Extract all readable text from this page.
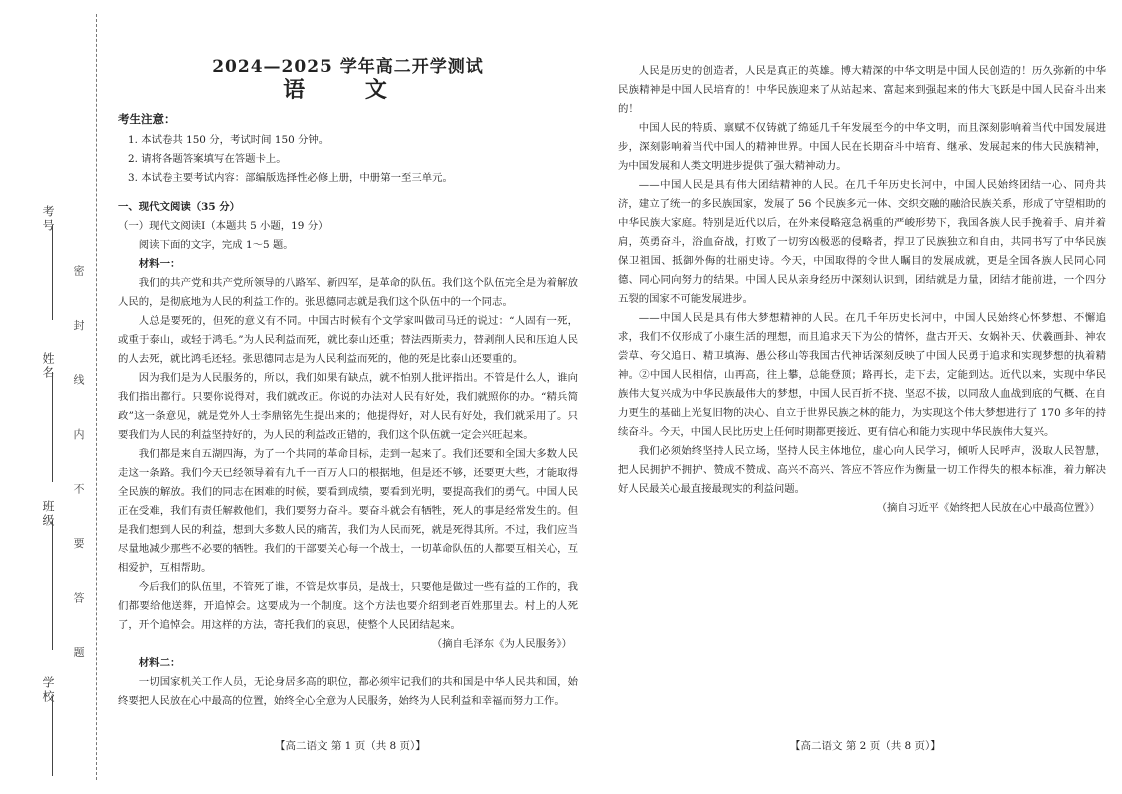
考号
姓名
班级
学校
密 封 线 内 不 要 答 题
2024—2025 学年高二开学测试
语 文
考生注意：
1. 本试卷共 150 分，考试时间 150 分钟。
2. 请将各题答案填写在答题卡上。
3. 本试卷主要考试内容：部编版选择性必修上册，中册第一至三单元。
一、现代文阅读（35 分）
（一）现代文阅读Ⅰ（本题共 5 小题，19 分）
阅读下面的文字，完成 1～5 题。
材料一：

我们的共产党和共产党所领导的八路军、新四军，是革命的队伍。我们这个队伍完全是为着解放人民的，是彻底地为人民的利益工作的。张思德同志就是我们这个队伍中的一个同志。

人总是要死的，但死的意义有不同。中国古时候有个文学家叫做司马迁的说过：“人固有一死，或重于泰山，或轻于鸿毛。”为人民利益而死，就比泰山还重；替法西斯卖力，替剥削人民和压迫人民的人去死，就比鸿毛还轻。张思德同志是为人民利益而死的，他的死是比泰山还要重的。

因为我们是为人民服务的，所以，我们如果有缺点，就不怕别人批评指出。不管是什么人，谁向我们指出都行。只要你说得对，我们就改正。你说的办法对人民有好处，我们就照你的办。“精兵简政”这一条意见，就是党外人士李鼎铭先生提出来的；他提得好，对人民有好处，我们就采用了。只要我们为人民的利益坚持好的，为人民的利益改正错的，我们这个队伍就一定会兴旺起来。

我们都是来自五湖四海，为了一个共同的革命目标，走到一起来了。我们还要和全国大多数人民走这一条路。我们今天已经领导着有九千一百万人口的根据地，但是还不够，还要更大些，才能取得全民族的解放。我们的同志在困难的时候，要看到成绩，要看到光明，要提高我们的勇气。中国人民正在受难，我们有责任解救他们，我们要努力奋斗。要奋斗就会有牺牲，死人的事是经常发生的。但是我们想到人民的利益，想到大多数人民的痛苦，我们为人民而死，就是死得其所。不过，我们应当尽量地减少那些不必要的牺牲。我们的干部要关心每一个战士，一切革命队伍的人都要互相关心，互相爱护，互相帮助。

今后我们的队伍里，不管死了谁，不管是炊事员，是战士，只要他是做过一些有益的工作的，我们都要给他送葬，开追悼会。这要成为一个制度。这个方法也要介绍到老百姓那里去。村上的人死了，开个追悼会。用这样的方法，寄托我们的哀思，使整个人民团结起来。

（摘自毛泽东《为人民服务》）
材料二：

一切国家机关工作人员，无论身居多高的职位，都必须牢记我们的共和国是中华人民共和国，始终要把人民放在心中最高的位置，始终全心全意为人民服务，始终为人民利益和幸福而努力工作。

【高二语文 第 1 页（共 8 页）】

人民是历史的创造者，人民是真正的英雄。博大精深的中华文明是中国人民创造的！历久弥新的中华民族精神是中国人民培育的！中华民族迎来了从站起来、富起来到强起来的伟大飞跃是中国人民奋斗出来的！

中国人民的特质、禀赋不仅铸就了绵延几千年发展至今的中华文明，而且深刻影响着当代中国发展进步，深刻影响着当代中国人的精神世界。中国人民在长期奋斗中培育、继承、发展起来的伟大民族精神，为中国发展和人类文明进步提供了强大精神动力。

——中国人民是具有伟大团结精神的人民。在几千年历史长河中，中国人民始终团结一心、同舟共济，建立了统一的多民族国家，发展了 56 个民族多元一体、交织交融的融洽民族关系，形成了守望相助的中华民族大家庭。特别是近代以后，在外来侵略寇急祸重的严峻形势下，我国各族人民手挽着手、肩并着肩，英勇奋斗，浴血奋战，打败了一切穷凶极恶的侵略者，捍卫了民族独立和自由，共同书写了中华民族保卫祖国、抵御外侮的壮丽史诗。今天，中国取得的令世人瞩目的发展成就，更是全国各族人民同心同德、同心同向努力的结果。中国人民从亲身经历中深刻认识到，团结就是力量，团结才能前进，一个四分五裂的国家不可能发展进步。

——中国人民是具有伟大梦想精神的人民。在几千年历史长河中，中国人民始终心怀梦想、不懈追求，我们不仅形成了小康生活的理想，而且追求天下为公的情怀，盘古开天、女娲补天、伏羲画卦、神农尝草、夸父追日、精卫填海、愚公移山等我国古代神话深刻反映了中国人民勇于追求和实现梦想的执着精神。②中国人民相信，山再高，往上攀，总能登顶；路再长，走下去，定能到达。近代以来，实现中华民族伟大复兴成为中华民族最伟大的梦想，中国人民百折不挠、坚忍不拔，以同敌人血战到底的气概、在自力更生的基础上光复旧物的决心、自立于世界民族之林的能力，为实现这个伟大梦想进行了 170 多年的持续奋斗。今天，中国人民比历史上任何时期都更接近、更有信心和能力实现中华民族伟大复兴。

我们必须始终坚持人民立场，坚持人民主体地位，虚心向人民学习，倾听人民呼声，汲取人民智慧，把人民拥护不拥护、赞成不赞成、高兴不高兴、答应不答应作为衡量一切工作得失的根本标准，着力解决好人民最关心最直接最现实的利益问题。

（摘自习近平《始终把人民放在心中最高位置》）
【高二语文 第 2 页（共 8 页）】
